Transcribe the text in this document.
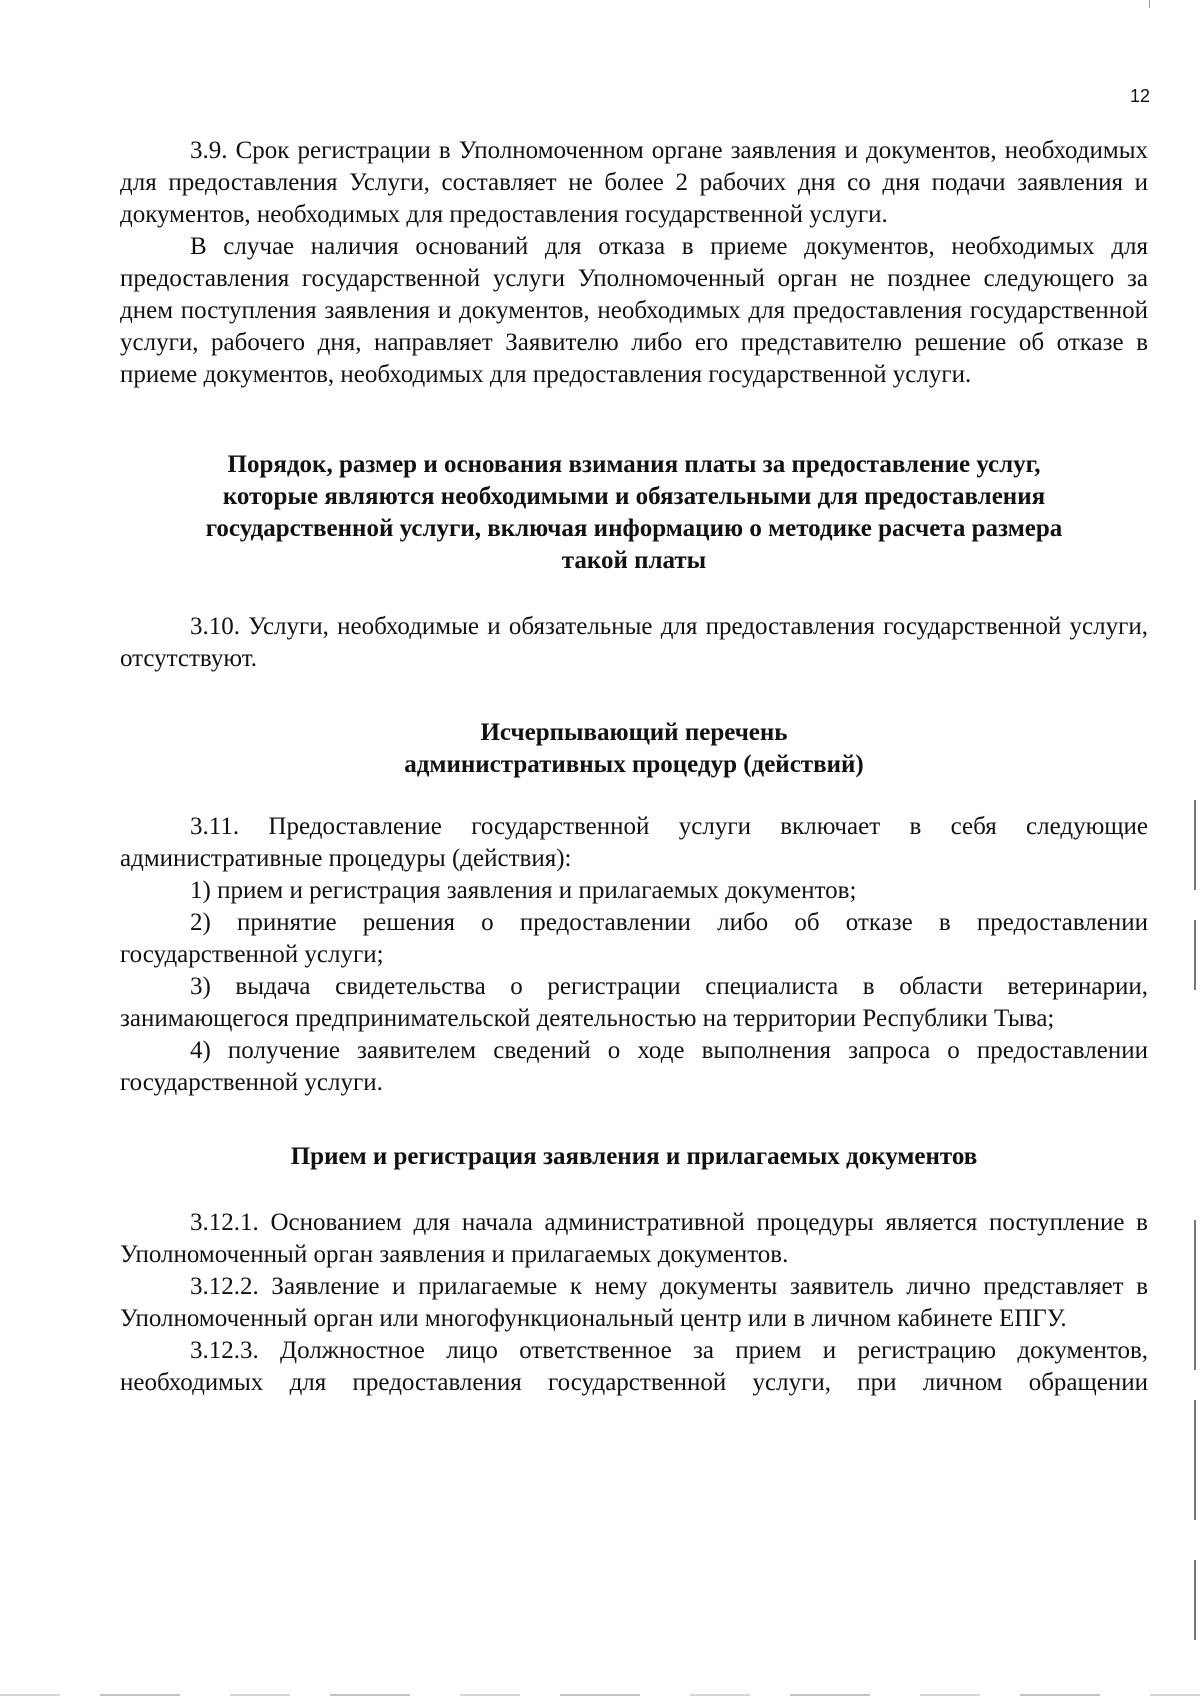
12

3.9. Срок регистрации в Уполномоченном органе заявления и документов, необходимых для предоставления Услуги, составляет не более 2 рабочих дня со дня подачи заявления и документов, необходимых для предоставления государственной услуги.

В случае наличия оснований для отказа в приеме документов, необходимых для предоставления государственной услуги Уполномоченный орган не позднее следующего за днем поступления заявления и документов, необходимых для предоставления государственной услуги, рабочего дня, направляет Заявителю либо его представителю решение об отказе в приеме документов, необходимых для предоставления государственной услуги.

Порядок, размер и основания взимания платы за предоставление услуг,

которые являются необходимыми и обязательными для предоставления

государственной услуги, включая информацию о методике расчета размера

такой платы

3.10. Услуги, необходимые и обязательные для предоставления государственной услуги, отсутствуют.

Исчерпывающий перечень

административных процедур (действий)

3.11. Предоставление государственной услуги включает в себя следующие административные процедуры (действия):

1) прием и регистрация заявления и прилагаемых документов;

2) принятие решения о предоставлении либо об отказе в предоставлении государственной услуги;

3) выдача свидетельства о регистрации специалиста в области ветеринарии, занимающегося предпринимательской деятельностью на территории Республики Тыва;

4) получение заявителем сведений о ходе выполнения запроса о предоставлении государственной услуги.

Прием и регистрация заявления и прилагаемых документов

3.12.1. Основанием для начала административной процедуры является поступление в Уполномоченный орган заявления и прилагаемых документов.

3.12.2. Заявление и прилагаемые к нему документы заявитель лично представляет в Уполномоченный орган или многофункциональный центр или в личном кабинете ЕПГУ.

3.12.3. Должностное лицо ответственное за прием и регистрацию документов, необходимых для предоставления государственной услуги, при личном обращении
